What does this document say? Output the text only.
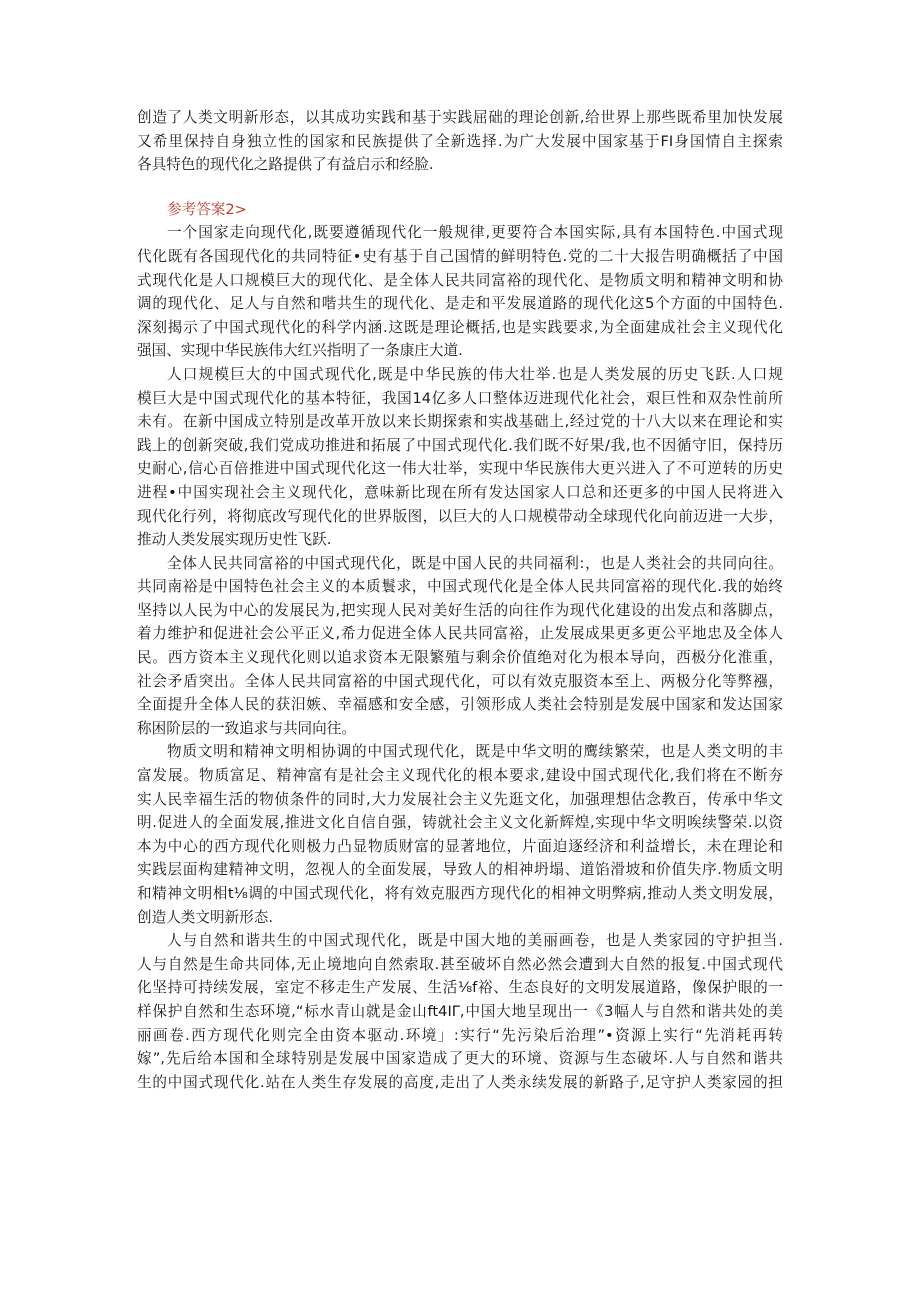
创造了人类文明新形态，以其成功实践和基于实践屈础的理论创新,给世界上那些既希里加快发展
又希里保持自身独立性的国家和民族提供了全新选择.为广大发展中国家基于FI身国情自主探索
各具特色的现代化之路提供了有益启示和经脸.
参考答案2>
一个国家走向现代化,既要遵循现代化一般规律,更要符合本国实际,具有本国特色.中国式现
代化既有各国现代化的共同特征•史有基于自己国情的鲜明特色.党的二十大报告明确概括了中国
式现代化是人口规模巨大的现代化、是全体人民共同富裕的现代化、是物质文明和精神文明和协
调的现代化、足人与自然和喈共生的现代化、是走和平发展道路的现代化这5个方面的中国特色.
深刻揭示了中国式现代化的科学内涵.这既是理论概括,也是实践要求,为全面建成社会主义现代化
强国、实现中华民族伟大红兴指明了一条康庄大道.
人口规模巨大的中国式现代化,既是中华民族的伟大壮举.也是人类发展的历史飞跃.人口规
模巨大是中国式现代化的基本特征，我国14亿多人口整体迈进现代化社会，艰巨性和双杂性前所
未有。在新中国成立特别是改革开放以来长期探索和实战基础上,经过党的十八大以来在理论和实
践上的创新突破,我们党成功推进和拓展了中国式现代化.我们既不好果/我,也不因循守旧，保持历
史耐心,信心百倍推进中国式现代化这一伟大壮举，实现中华民族伟大更兴进入了不可逆转的历史
进程•中国实现社会主义现代化，意味新比现在所有发达国家人口总和还更多的中国人民将进入
现代化行列，将彻底改写现代化的世界版图，以巨大的人口规模带动全球现代化向前迈进一大步，
推动人类发展实现历史性飞跃.
全体人民共同富裕的中国式现代化，既是中国人民的共同福利:，也是人类社会的共同向往。
共同南裕是中国特色社会主义的本质鬟求，中国式现代化是全体人民共同富裕的现代化.我的始终
坚持以人民为中心的发展民为,把实现人民对美好生活的向往作为现代化建设的出发点和落脚点，
着力维护和促进社会公平正义,希力促进全体人民共同富裕，止发展成果更多更公平地忠及全体人
民。西方资本主义现代化则以追求资本无限繁殖与剩余价值绝对化为根本导向，西极分化淮重，
社会矛盾突出。全体人民共同富裕的中国式现代化，可以有效克服资本至上、两极分化等弊襁，
全面提升全体人民的获汨嫉、幸福感和安全感，引领形成人类社会特别是发展中国家和发达国家
称困阶层的一致追求与共同向往。
物质文明和精神文明相协调的中国式现代化，既是中华文明的鹰续繁荣，也是人类文明的丰
富发展。物质富足、精神富有是社会主义现代化的根本要求,建设中国式现代化,我们将在不断夯
实人民幸福生活的物侦条件的同时,大力发展社会主义先逛文化，加强理想估念教百，传承中华文
明.促进人的全面发展,推进文化自信自强，铸就社会主义文化新辉煌,实现中华文明唉续警荣.以资
本为中心的西方现代化则极力凸显物质财富的显著地位，片面迫逐经济和利益增长，未在理论和
实践层面构建精神文明，忽视人的全面发展，导致人的相神坍塌、道馅滑坡和价值失序.物质文明
和精神文明相t⅛调的中国式现代化，将有效克服西方现代化的相神文明弊病,推动人类文明发展，
创造人类文明新形态.
人与自然和谐共生的中国式现代化，既是中国大地的美丽画卷，也是人类家园的守护担当.
人与自然是生命共同体,无止境地向自然索取.甚至破坏自然必然会遭到大自然的报复.中国式现代
化坚持可持续发展，室定不移走生产发展、生活⅛f裕、生态良好的文明发展道路，像保护眼的一
样保护自然和生态环境,“标水青山就是金山ft4ΙΓ,中国大地呈现出一《3幅人与自然和谐共处的美
丽画卷.西方现代化则完全由资本驱动.环境」:实行“先污染后治理”•资源上实行“先消耗再转
嫁”,先后给本国和全球特别是发展中国家造成了更大的环境、资源与生态破坏.人与自然和谐共
生的中国式现代化.站在人类生存发展的高度,走出了人类永续发展的新路子,足守护人类家园的担
